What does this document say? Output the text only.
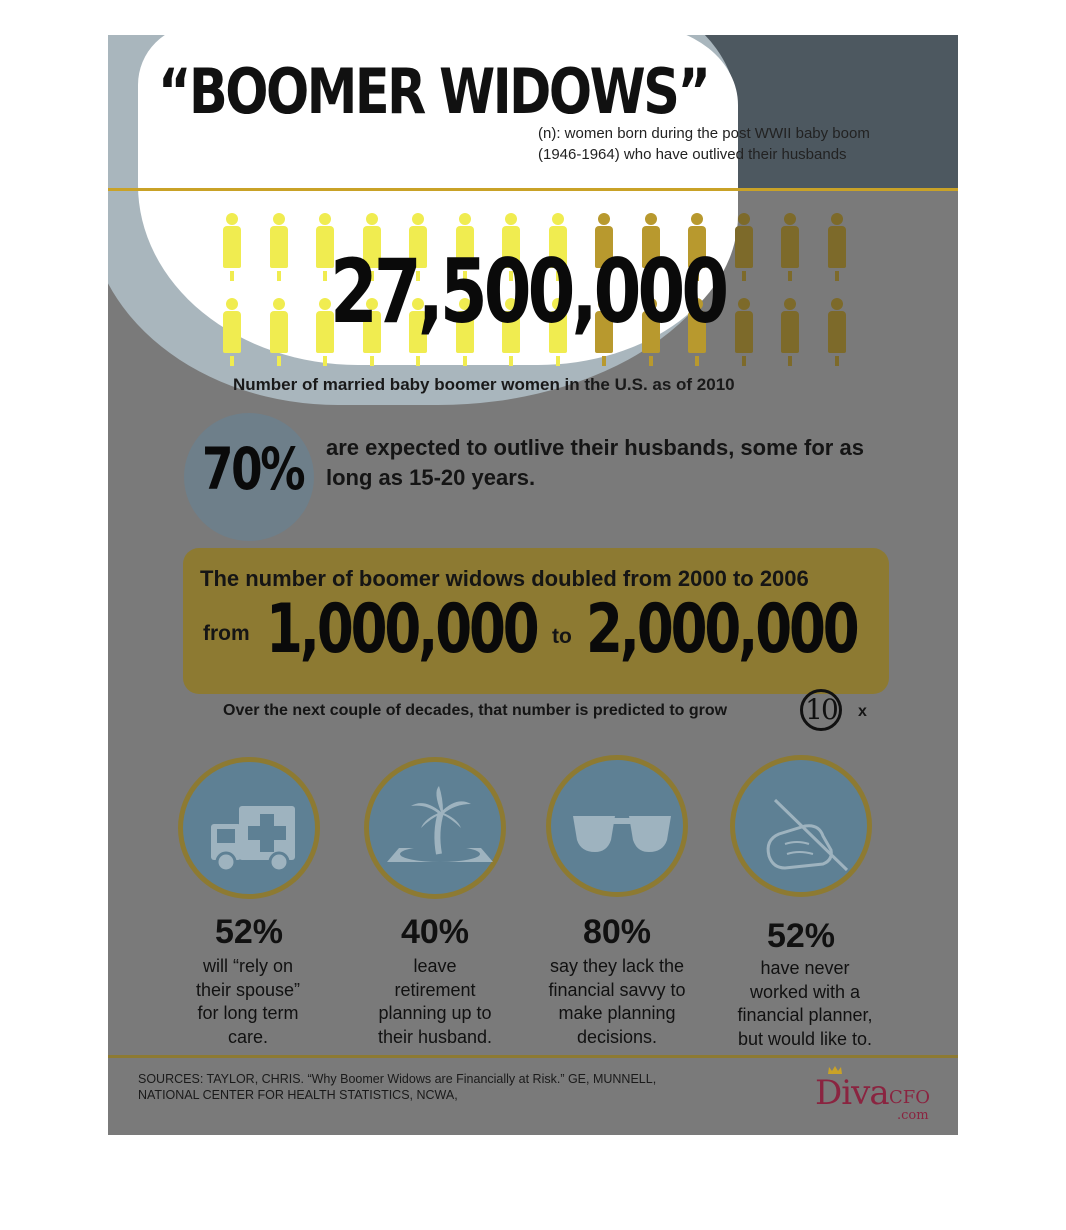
“BOOMER WIDOWS”
(n): women born during the post WWII baby boom
(1946-1964) who have outlived their husbands
27,500,000
Number of married baby boomer women in the U.S. as of 2010
70% are expected to outlive their husbands, some for as long as 15-20 years.
The number of boomer widows doubled from 2000 to 2006
from 1,000,000 to 2,000,000
Over the next couple of decades, that number is predicted to grow	10	x
52%
will “rely on
their spouse”
for long term
care.
40%
leave
retirement
planning up to
their husband.
80%
say they lack the
financial savvy to
make planning
decisions.
52%
have never
worked with a
financial planner,
but would like to.
SOURCES: TAYLOR, CHRIS. “Why Boomer Widows are Financially at Risk.” GE, MUNNELL,
NATIONAL CENTER FOR HEALTH STATISTICS, NCWA,	Diva CFO
.com
